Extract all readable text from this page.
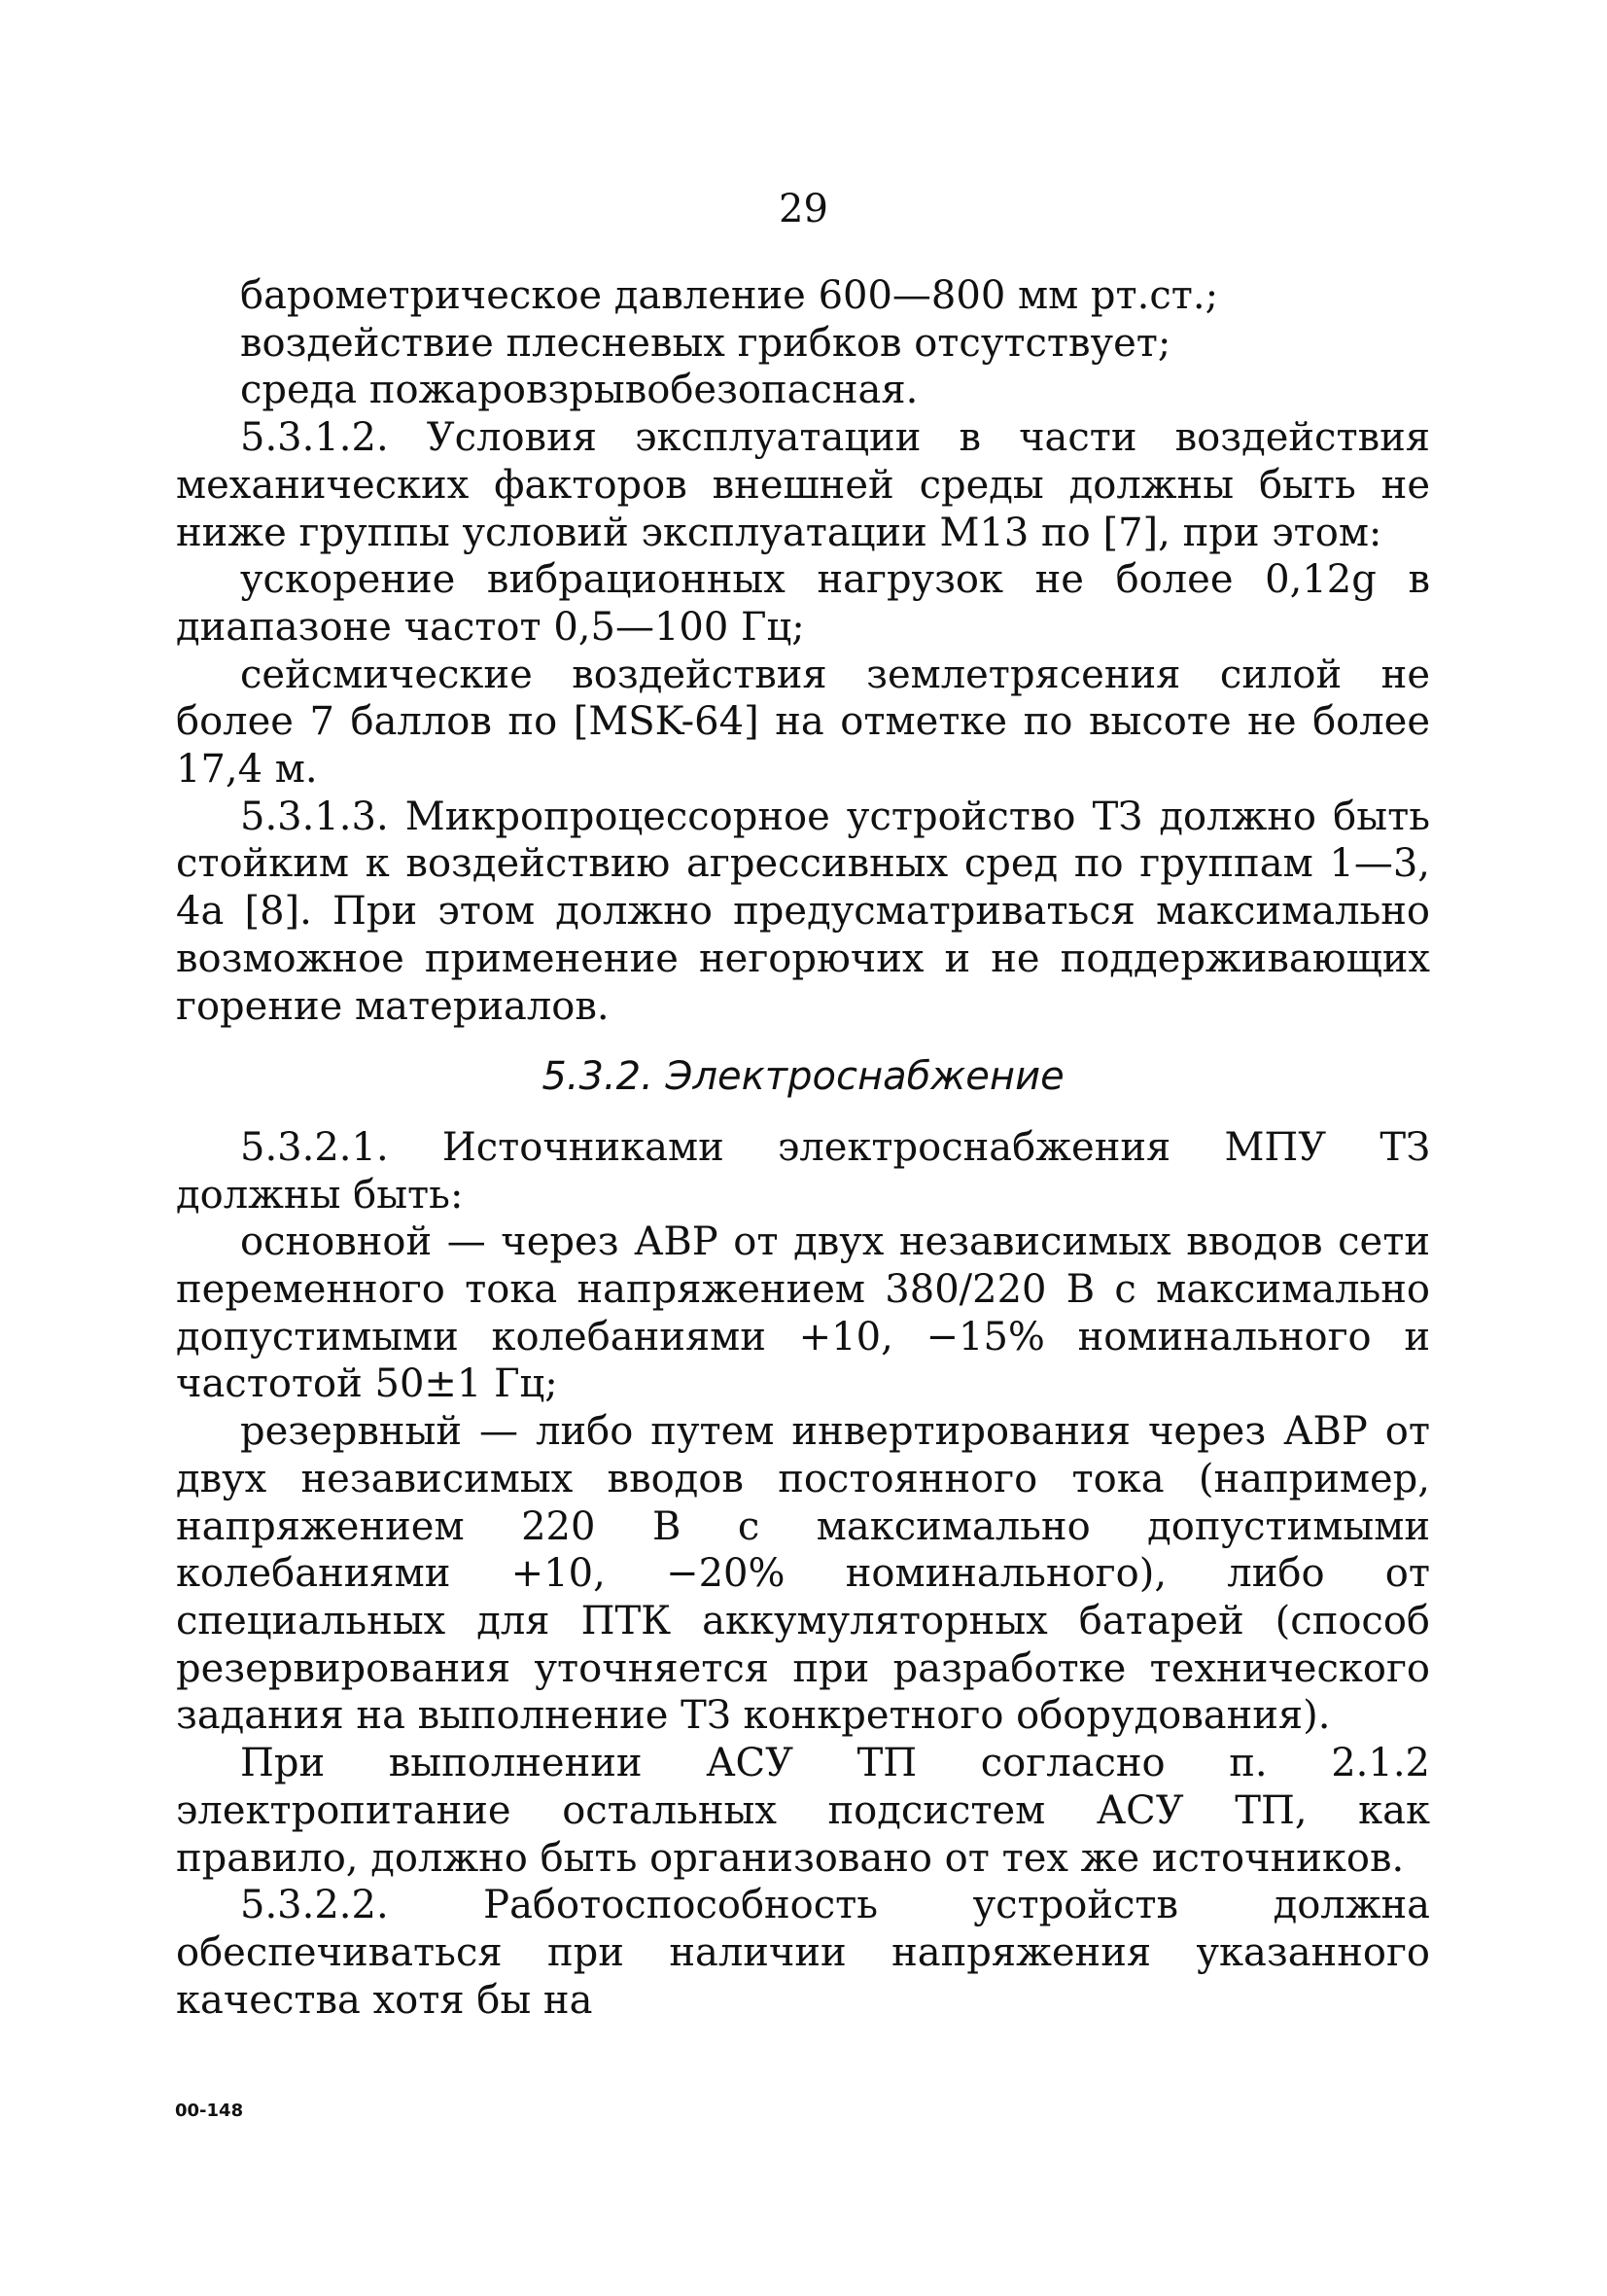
29

барометрическое давление 600—800 мм рт.ст.;

воздействие плесневых грибков отсутствует;

среда пожаровзрывобезопасная.

5.3.1.2. Условия эксплуатации в части воздействия механических факторов внешней среды должны быть не ниже группы условий эксплуатации М13 по [7], при этом:

ускорение вибрационных нагрузок не более 0,12g в диапазоне частот 0,5—100 Гц;

сейсмические воздействия землетрясения силой не более 7 баллов по [MSK-64] на отметке по высоте не более 17,4 м.

5.3.1.3. Микропроцессорное устройство ТЗ должно быть стойким к воздействию агрессивных сред по группам 1—3, 4а [8]. При этом должно предусматриваться максимально возможное применение негорючих и не поддерживающих горение материалов.

5.3.2. Электроснабжение

5.3.2.1. Источниками электроснабжения МПУ ТЗ должны быть:

основной — через АВР от двух независимых вводов сети переменного тока напряжением 380/220 В с максимально допустимыми колебаниями +10, −15% номинального и частотой 50±1 Гц;

резервный — либо путем инвертирования через АВР от двух независимых вводов постоянного тока (например, напряжением 220 В с максимально допустимыми колебаниями +10, −20% номинального), либо от специальных для ПТК аккумуляторных батарей (способ резервирования уточняется при разработке технического задания на выполнение ТЗ конкретного оборудования).

При выполнении АСУ ТП согласно п. 2.1.2 электропитание остальных подсистем АСУ ТП, как правило, должно быть организовано от тех же источников.

5.3.2.2. Работоспособность устройств должна обеспечиваться при наличии напряжения указанного качества хотя бы на

00-148
